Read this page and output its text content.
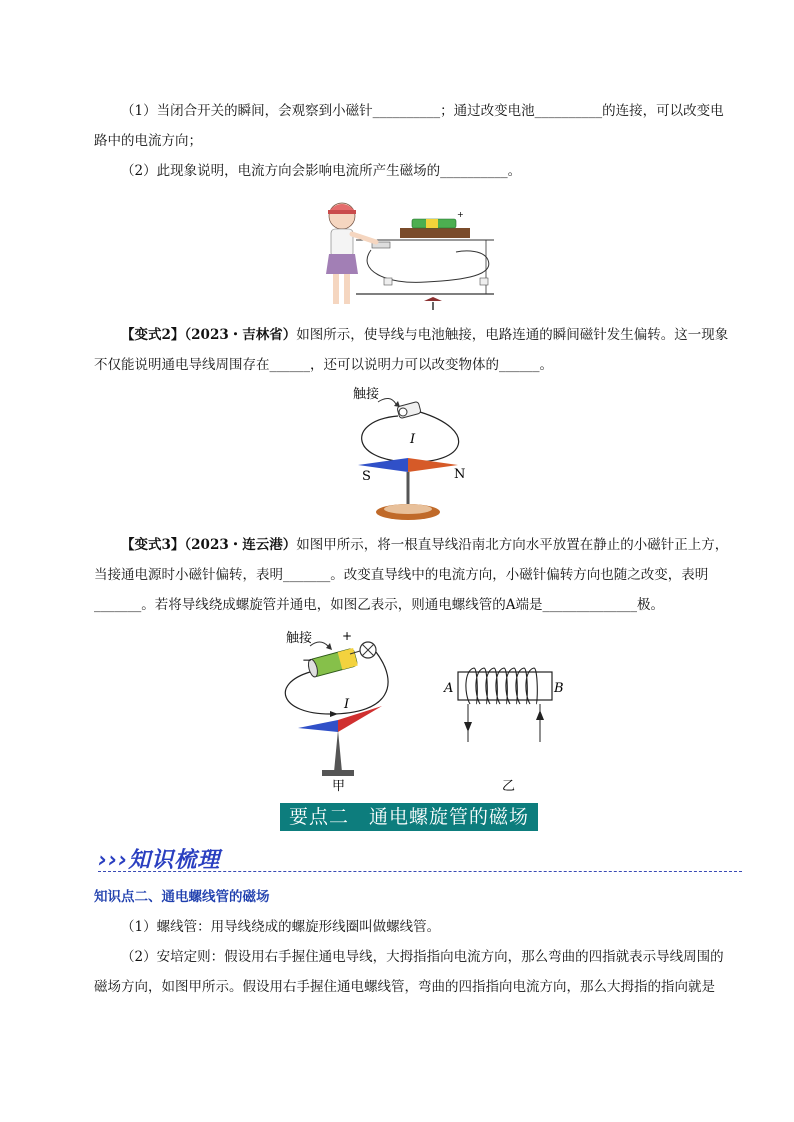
（1）当闭合开关的瞬间，会观察到小磁针__________；通过改变电池__________的连接，可以改变电路中的电流方向；

（2）此现象说明，电流方向会影响电流所产生磁场的__________。

+

【变式2】（2023・吉林省）如图所示，使导线与电池触接，电路连通的瞬间磁针发生偏转。这一现象不仅能说明通电导线周围存在______，还可以说明力可以改变物体的______。

触接
I
S	N

【变式3】（2023・连云港）如图甲所示，将一根直导线沿南北方向水平放置在静止的小磁针正上方，当接通电源时小磁针偏转，表明_______。改变直导线中的电流方向，小磁针偏转方向也随之改变，表明_______。若将导线绕成螺旋管并通电，如图乙表示，则通电螺线管的A端是______________极。

触接
−
+
I
甲
A	B
乙
要点二　通电螺旋管的磁场
›››知识梳理
知识点二、通电螺线管的磁场

（1）螺线管：用导线绕成的螺旋形线圈叫做螺线管。

（2）安培定则：假设用右手握住通电导线，大拇指指向电流方向，那么弯曲的四指就表示导线周围的磁场方向，如图甲所示。假设用右手握住通电螺线管，弯曲的四指指向电流方向，那么大拇指的指向就是
